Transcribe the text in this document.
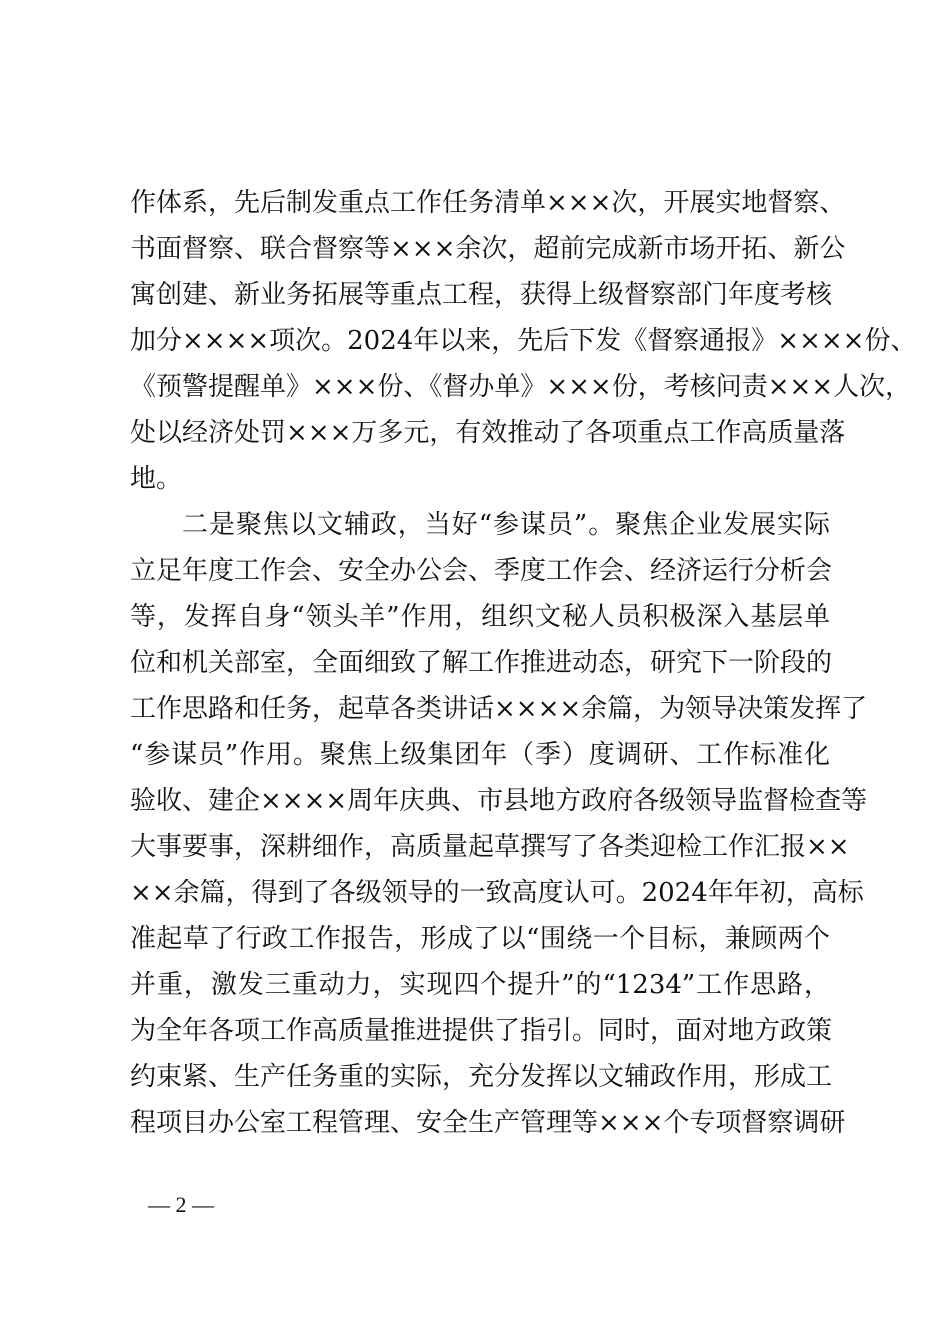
作体系，先后制发重点工作任务清单×××次，开展实地督察、
书面督察、联合督察等×××余次，超前完成新市场开拓、新公
寓创建、新业务拓展等重点工程，获得上级督察部门年度考核
加分××××项次。2024年以来，先后下发《督察通报》××××份、
《预警提醒单》×××份、《督办单》×××份，考核问责×××人次，
处以经济处罚×××万多元，有效推动了各项重点工作高质量落
地。
二是聚焦以文辅政，当好“参谋员”。聚焦企业发展实际
立足年度工作会、安全办公会、季度工作会、经济运行分析会
等，发挥自身“领头羊”作用，组织文秘人员积极深入基层单
位和机关部室，全面细致了解工作推进动态，研究下一阶段的
工作思路和任务，起草各类讲话××××余篇，为领导决策发挥了
“参谋员”作用。聚焦上级集团年（季）度调研、工作标准化
验收、建企××××周年庆典、市县地方政府各级领导监督检查等
大事要事，深耕细作，高质量起草撰写了各类迎检工作汇报××
××余篇，得到了各级领导的一致高度认可。2024年年初，高标
准起草了行政工作报告，形成了以“围绕一个目标，兼顾两个
并重，激发三重动力，实现四个提升”的“1234”工作思路，
为全年各项工作高质量推进提供了指引。同时，面对地方政策
约束紧、生产任务重的实际，充分发挥以文辅政作用，形成工
程项目办公室工程管理、安全生产管理等×××个专项督察调研
— 2 —
